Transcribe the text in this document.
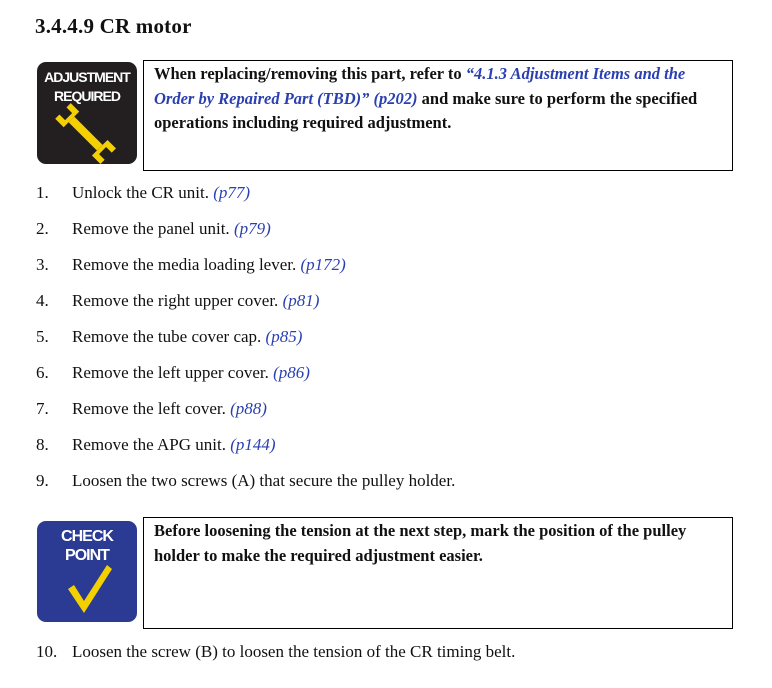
3.4.4.9 CR motor
ADJUSTMENT
REQUIRED
When replacing/removing this part, refer to “4.1.3 Adjustment Items and the Order by Repaired Part (TBD)” (p202) and make sure to perform the specified operations including required adjustment.
1. Unlock the CR unit. (p77)
2. Remove the panel unit. (p79)
3. Remove the media loading lever. (p172)
4. Remove the right upper cover. (p81)
5. Remove the tube cover cap. (p85)
6. Remove the left upper cover. (p86)
7. Remove the left cover. (p88)
8. Remove the APG unit. (p144)
9. Loosen the two screws (A) that secure the pulley holder.
CHECK
POINT
Before loosening the tension at the next step, mark the position of the pulley holder to make the required adjustment easier.
10. Loosen the screw (B) to loosen the tension of the CR timing belt.
